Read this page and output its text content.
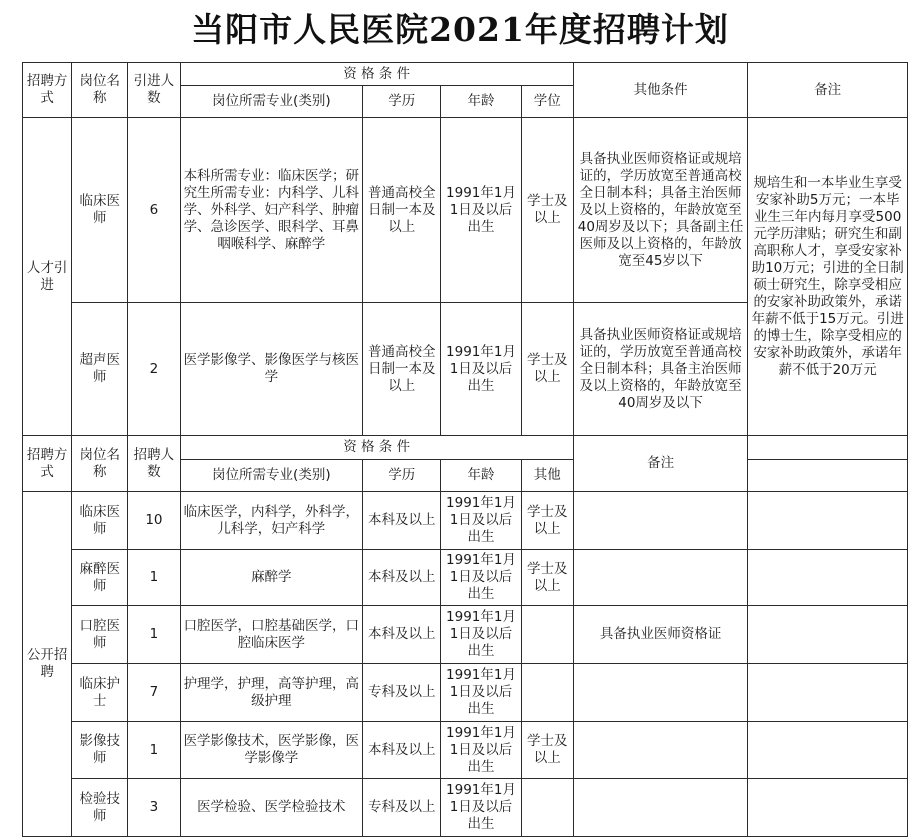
当阳市人民医院2021年度招聘计划
招聘方式	岗位名称	引进人数	资 格 条 件				其他条件	备注
			岗位所需专业(类别)	学历	年龄	学位		
人才引进	临床医师	6	本科所需专业：临床医学；研究生所需专业：内科学、儿科学、外科学、妇产科学、肿瘤学、急诊医学、眼科学、耳鼻咽喉科学、麻醉学	普通高校全日制一本及以上	1991年1月1日及以后出生	学士及以上	具备执业医师资格证或规培证的，学历放宽至普通高校全日制本科；具备主治医师及以上资格的，年龄放宽至40周岁及以下；具备副主任医师及以上资格的，年龄放宽至45岁以下	规培生和一本毕业生享受安家补助5万元；一本毕业生三年内每月享受500元学历津贴；研究生和副高职称人才，享受安家补助10万元；引进的全日制硕士研究生，除享受相应的安家补助政策外，承诺年薪不低于15万元。引进的博士生，除享受相应的安家补助政策外，承诺年薪不低于20万元
	超声医师	2	医学影像学、影像医学与核医学	普通高校全日制一本及以上	1991年1月1日及以后出生	学士及以上	具备执业医师资格证或规培证的，学历放宽至普通高校全日制本科；具备主治医师及以上资格的，年龄放宽至40周岁及以下	
招聘方式	岗位名称	招聘人数	资 格 条 件				备注	
			岗位所需专业(类别)	学历	年龄	其他		
公开招聘	临床医师	10	临床医学，内科学，外科学，儿科学，妇产科学	本科及以上	1991年1月1日及以后出生	学士及以上		
	麻醉医师	1	麻醉学	本科及以上	1991年1月1日及以后出生	学士及以上		
	口腔医师	1	口腔医学，口腔基础医学，口腔临床医学	本科及以上	1991年1月1日及以后出生		具备执业医师资格证	
	临床护士	7	护理学，护理，高等护理，高级护理	专科及以上	1991年1月1日及以后出生			
	影像技师	1	医学影像技术，医学影像，医学影像学	本科及以上	1991年1月1日及以后出生	学士及以上		
	检验技师	3	医学检验、医学检验技术	专科及以上	1991年1月1日及以后出生			
